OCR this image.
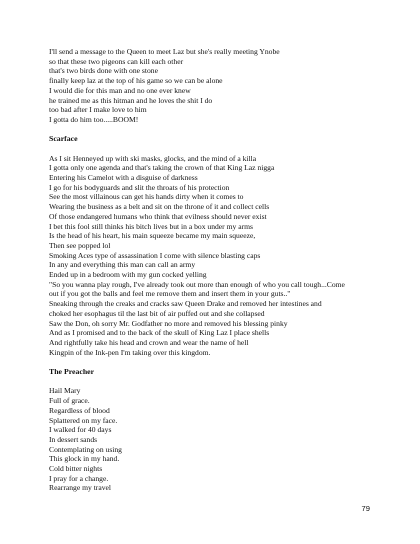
I'll send a message to the Queen to meet Laz but she's really meeting Ynobe
so that these two pigeons can kill each other
that's two birds done with one stone
finally keep laz at the top of his game so we can be alone
I would die for this man and no one ever knew
he trained me as this hitman and he loves the shit I do
too bad after I make love to him
I gotta do him too.....BOOM!
Scarface
As I sit Henneyed up with ski masks, glocks, and the mind of a killa
I gotta only one agenda and that's taking the crown of that King Laz nigga
Entering his Camelot with a disguise of darkness
I go for his bodyguards and slit the throats of his protection
See the most villainous can get his hands dirty when it comes to
Wearing the business as a belt and sit on the throne of it and collect cells
Of those endangered humans who think that evilness should never exist
I bet this fool still thinks his bitch lives but in a box under my arms
Is the head of his heart, his main squeeze became my main squeeze,
Then see popped lol
Smoking Aces type of assassination I come with silence blasting caps
In any and everything this man can call an army
Ended up in a bedroom with my gun cocked yelling
"So you wanna play rough, I've already took out more than enough of who you call tough...Come
out if you got the balls and feel me remove them and insert them in your guts.."
Sneaking through the creaks and cracks saw Queen Drake and removed her intestines and
choked her esophagus til the last bit of air puffed out and she collapsed
Saw the Don, oh sorry Mr. Godfather no more and removed his blessing pinky
And as I promised and to the back of the skull of King Laz I place shells
And rightfully take his head and crown and wear the name of hell
Kingpin of the Ink-pen I'm taking over this kingdom.
The Preacher
Hail Mary
Full of grace.
Regardless of blood
Splattered on my face.
I walked for 40 days
In dessert sands
Contemplating on using
This glock in my hand.
Cold bitter nights
I pray for a change.
Rearrange my travel
79
